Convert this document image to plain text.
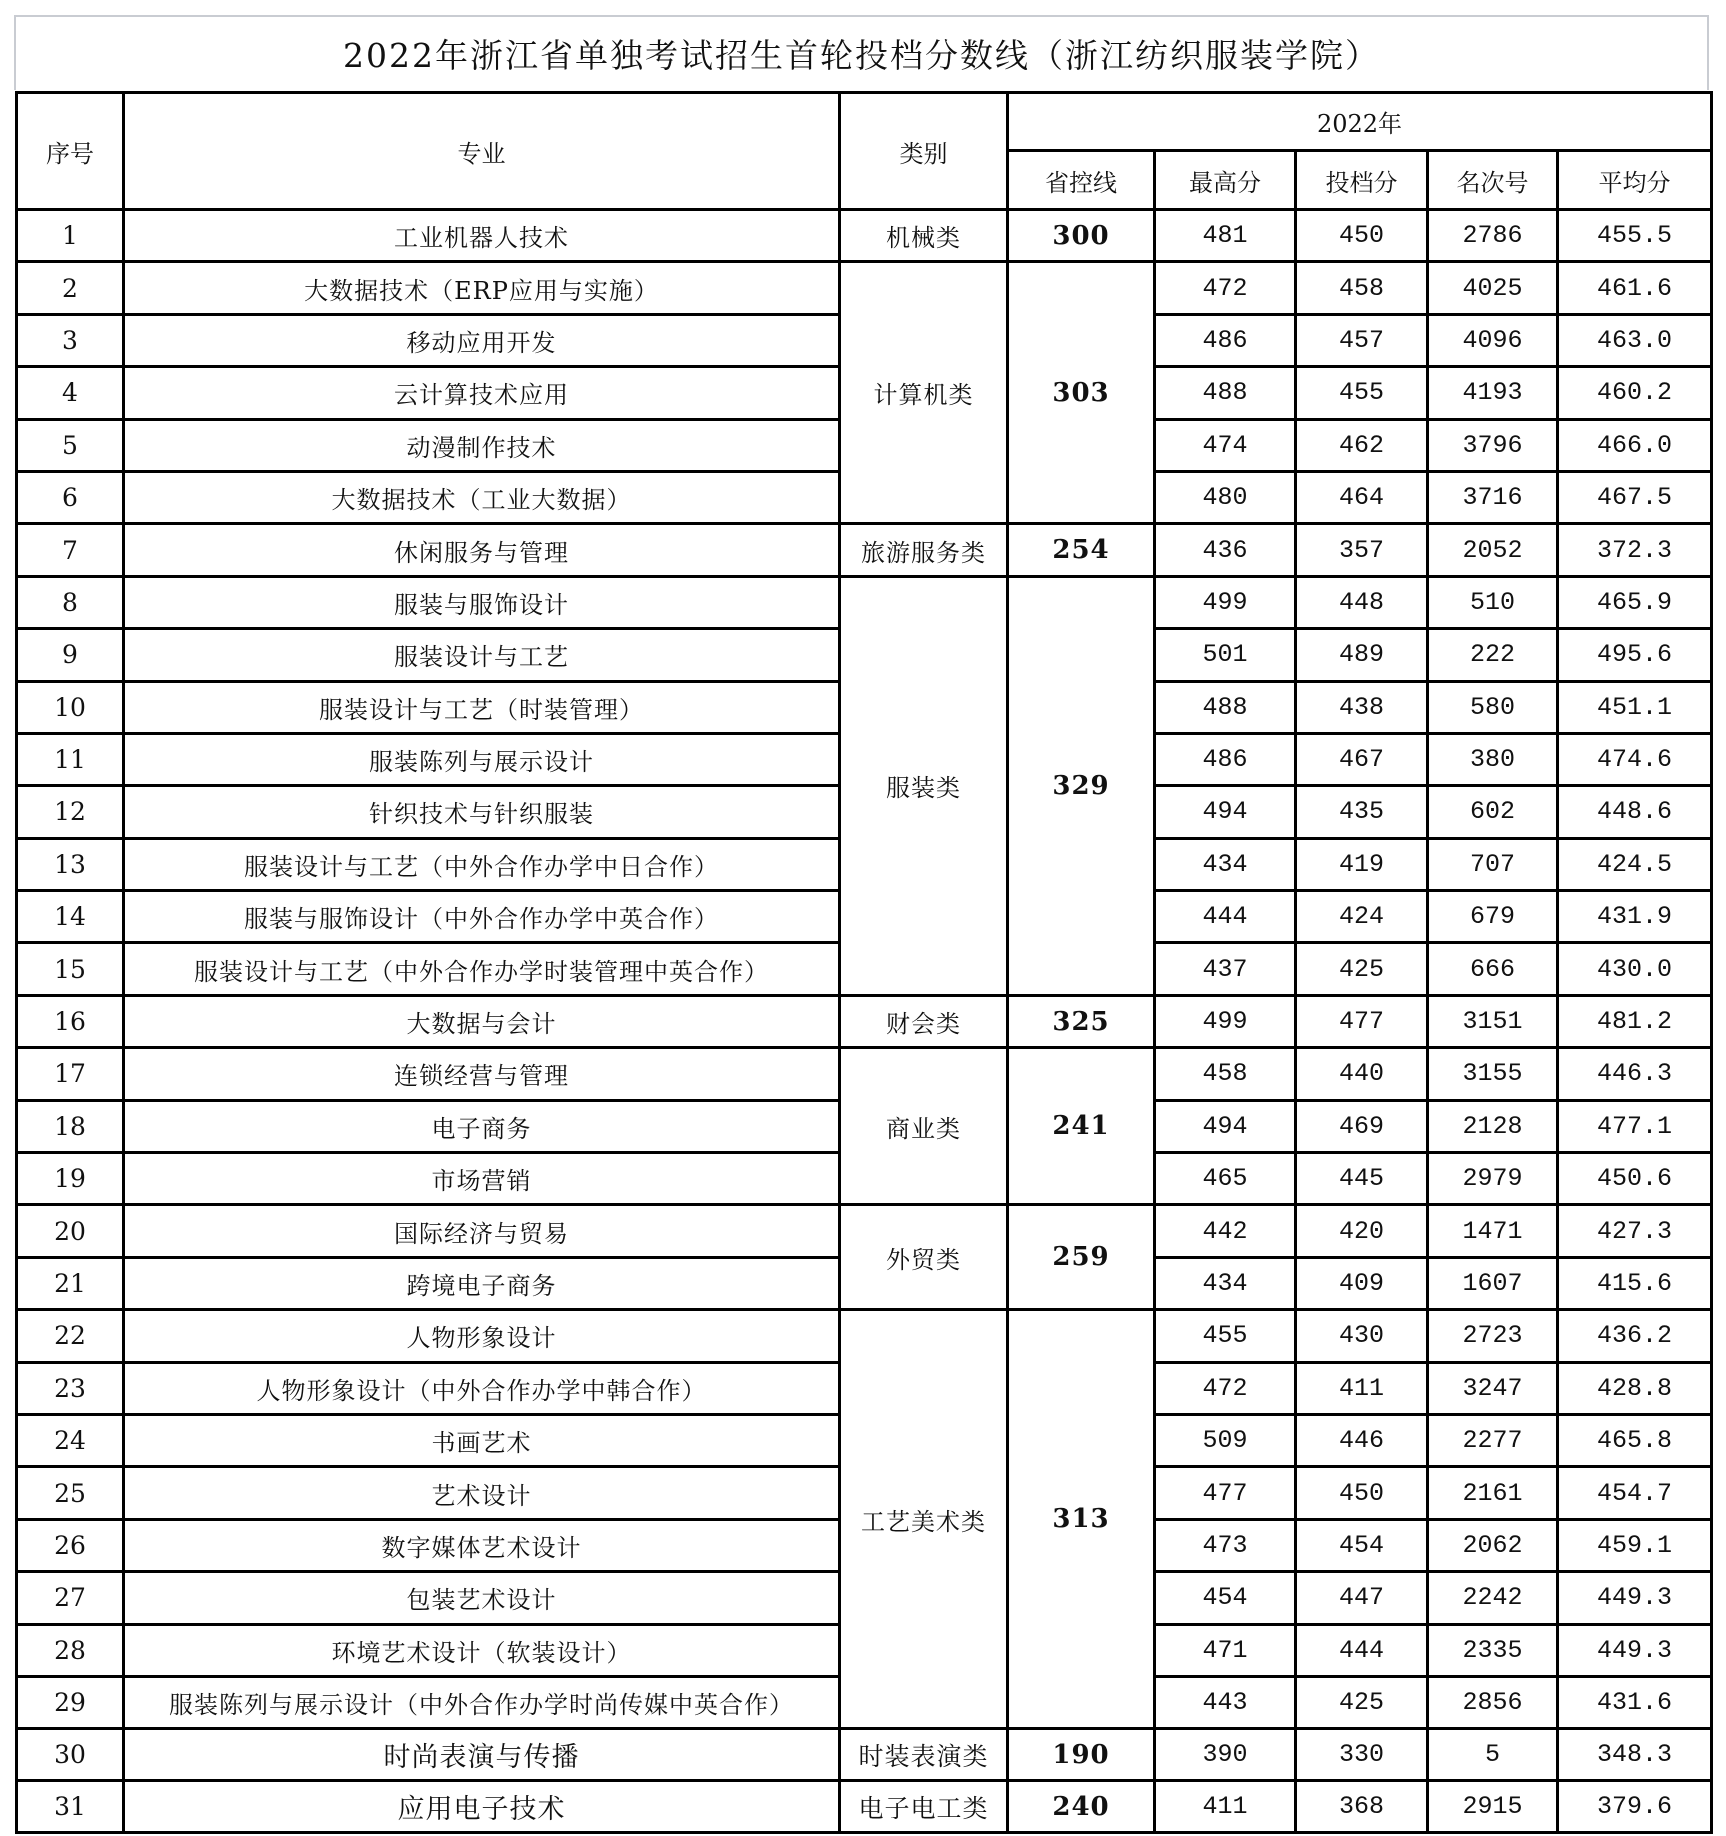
2022年浙江省单独考试招生首轮投档分数线（浙江纺织服装学院）
序号	专业	类别	2022年				
			省控线	最高分	投档分	名次号	平均分
1	工业机器人技术	机械类	300	481	450	2786	455.5
2	大数据技术（ERP应用与实施）	计算机类	303	472	458	4025	461.6
3	移动应用开发			486	457	4096	463.0
4	云计算技术应用			488	455	4193	460.2
5	动漫制作技术			474	462	3796	466.0
6	大数据技术（工业大数据）			480	464	3716	467.5
7	休闲服务与管理	旅游服务类	254	436	357	2052	372.3
8	服装与服饰设计	服装类	329	499	448	510	465.9
9	服装设计与工艺			501	489	222	495.6
10	服装设计与工艺（时装管理）			488	438	580	451.1
11	服装陈列与展示设计			486	467	380	474.6
12	针织技术与针织服装			494	435	602	448.6
13	服装设计与工艺（中外合作办学中日合作）			434	419	707	424.5
14	服装与服饰设计（中外合作办学中英合作）			444	424	679	431.9
15	服装设计与工艺（中外合作办学时装管理中英合作）			437	425	666	430.0
16	大数据与会计	财会类	325	499	477	3151	481.2
17	连锁经营与管理	商业类	241	458	440	3155	446.3
18	电子商务			494	469	2128	477.1
19	市场营销			465	445	2979	450.6
20	国际经济与贸易	外贸类	259	442	420	1471	427.3
21	跨境电子商务			434	409	1607	415.6
22	人物形象设计	工艺美术类	313	455	430	2723	436.2
23	人物形象设计（中外合作办学中韩合作）			472	411	3247	428.8
24	书画艺术			509	446	2277	465.8
25	艺术设计			477	450	2161	454.7
26	数字媒体艺术设计			473	454	2062	459.1
27	包装艺术设计			454	447	2242	449.3
28	环境艺术设计（软装设计）			471	444	2335	449.3
29	服装陈列与展示设计（中外合作办学时尚传媒中英合作）			443	425	2856	431.6
30	时尚表演与传播	时装表演类	190	390	330	5	348.3
31	应用电子技术	电子电工类	240	411	368	2915	379.6
